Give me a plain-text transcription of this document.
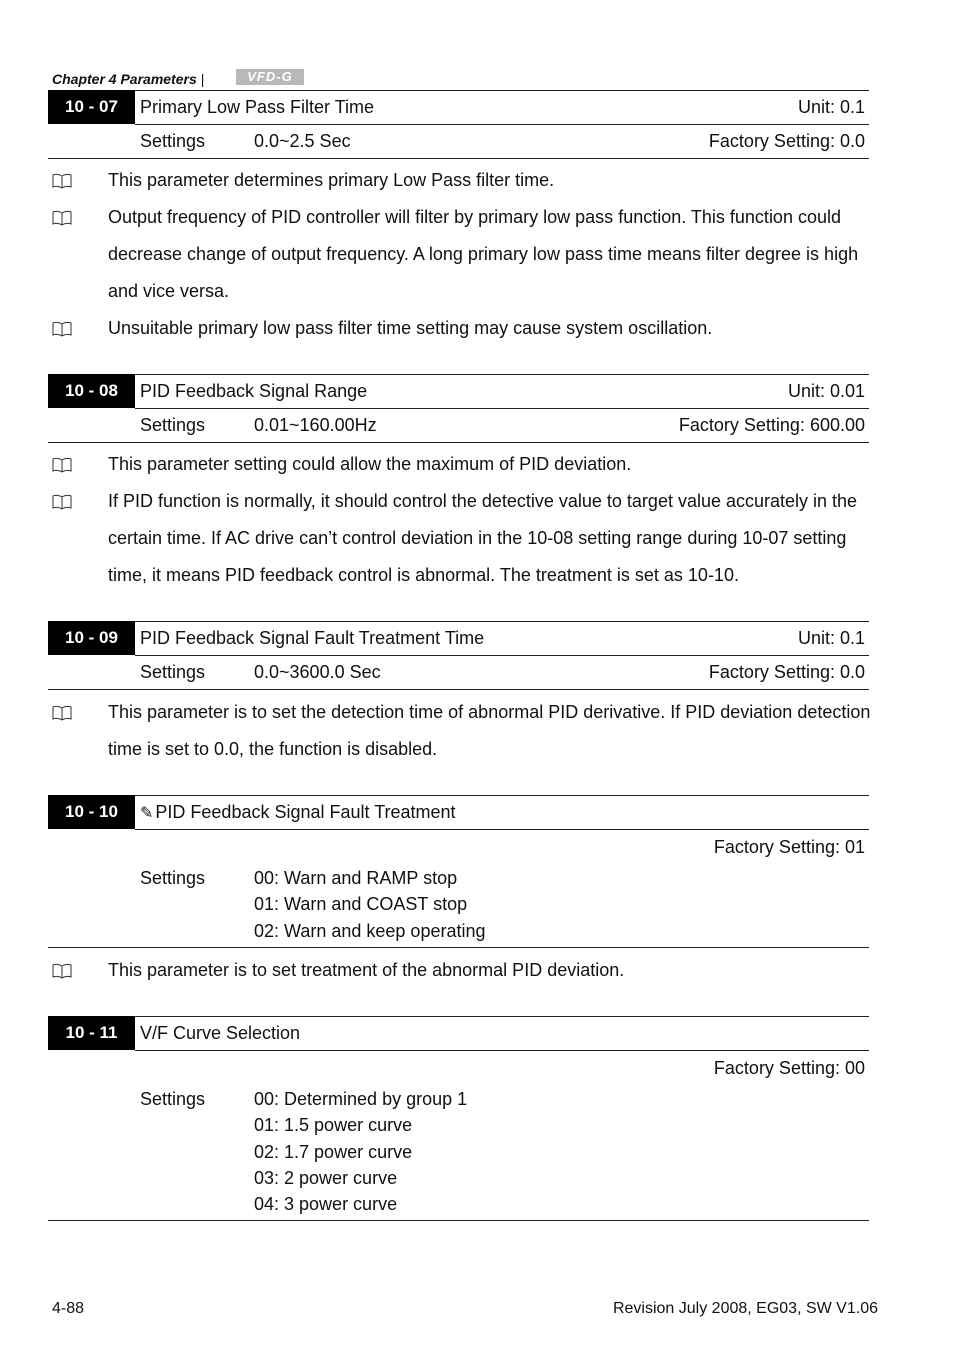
Chapter 4 Parameters |	VFD-G
10 - 07	Primary Low Pass Filter Time	Unit: 0.1
Settings	0.0~2.5 Sec	Factory Setting: 0.0
This parameter determines primary Low Pass filter time.
Output frequency of PID controller will filter by primary low pass function. This function could decrease change of output frequency. A long primary low pass time means filter degree is high and vice versa.
Unsuitable primary low pass filter time setting may cause system oscillation.
10 - 08	PID Feedback Signal Range	Unit: 0.01
Settings	0.01~160.00Hz	Factory Setting: 600.00
This parameter setting could allow the maximum of PID deviation.
If PID function is normally, it should control the detective value to target value accurately in the certain time. If AC drive can’t control deviation in the 10-08 setting range during 10-07 setting time, it means PID feedback control is abnormal. The treatment is set as 10-10.
10 - 09	PID Feedback Signal Fault Treatment Time	Unit: 0.1
Settings	0.0~3600.0 Sec	Factory Setting: 0.0
This parameter is to set the detection time of abnormal PID derivative. If PID deviation detection time is set to 0.0, the function is disabled.
10 - 10	✎ PID Feedback Signal Fault Treatment
Factory Setting: 01
Settings	00: Warn and RAMP stop
01: Warn and COAST stop
02: Warn and keep operating
This parameter is to set treatment of the abnormal PID deviation.
10 - 11	V/F Curve Selection
Factory Setting: 00
Settings	00: Determined by group 1
01: 1.5 power curve
02: 1.7 power curve
03: 2 power curve
04: 3 power curve
4-88	Revision July 2008, EG03, SW V1.06
